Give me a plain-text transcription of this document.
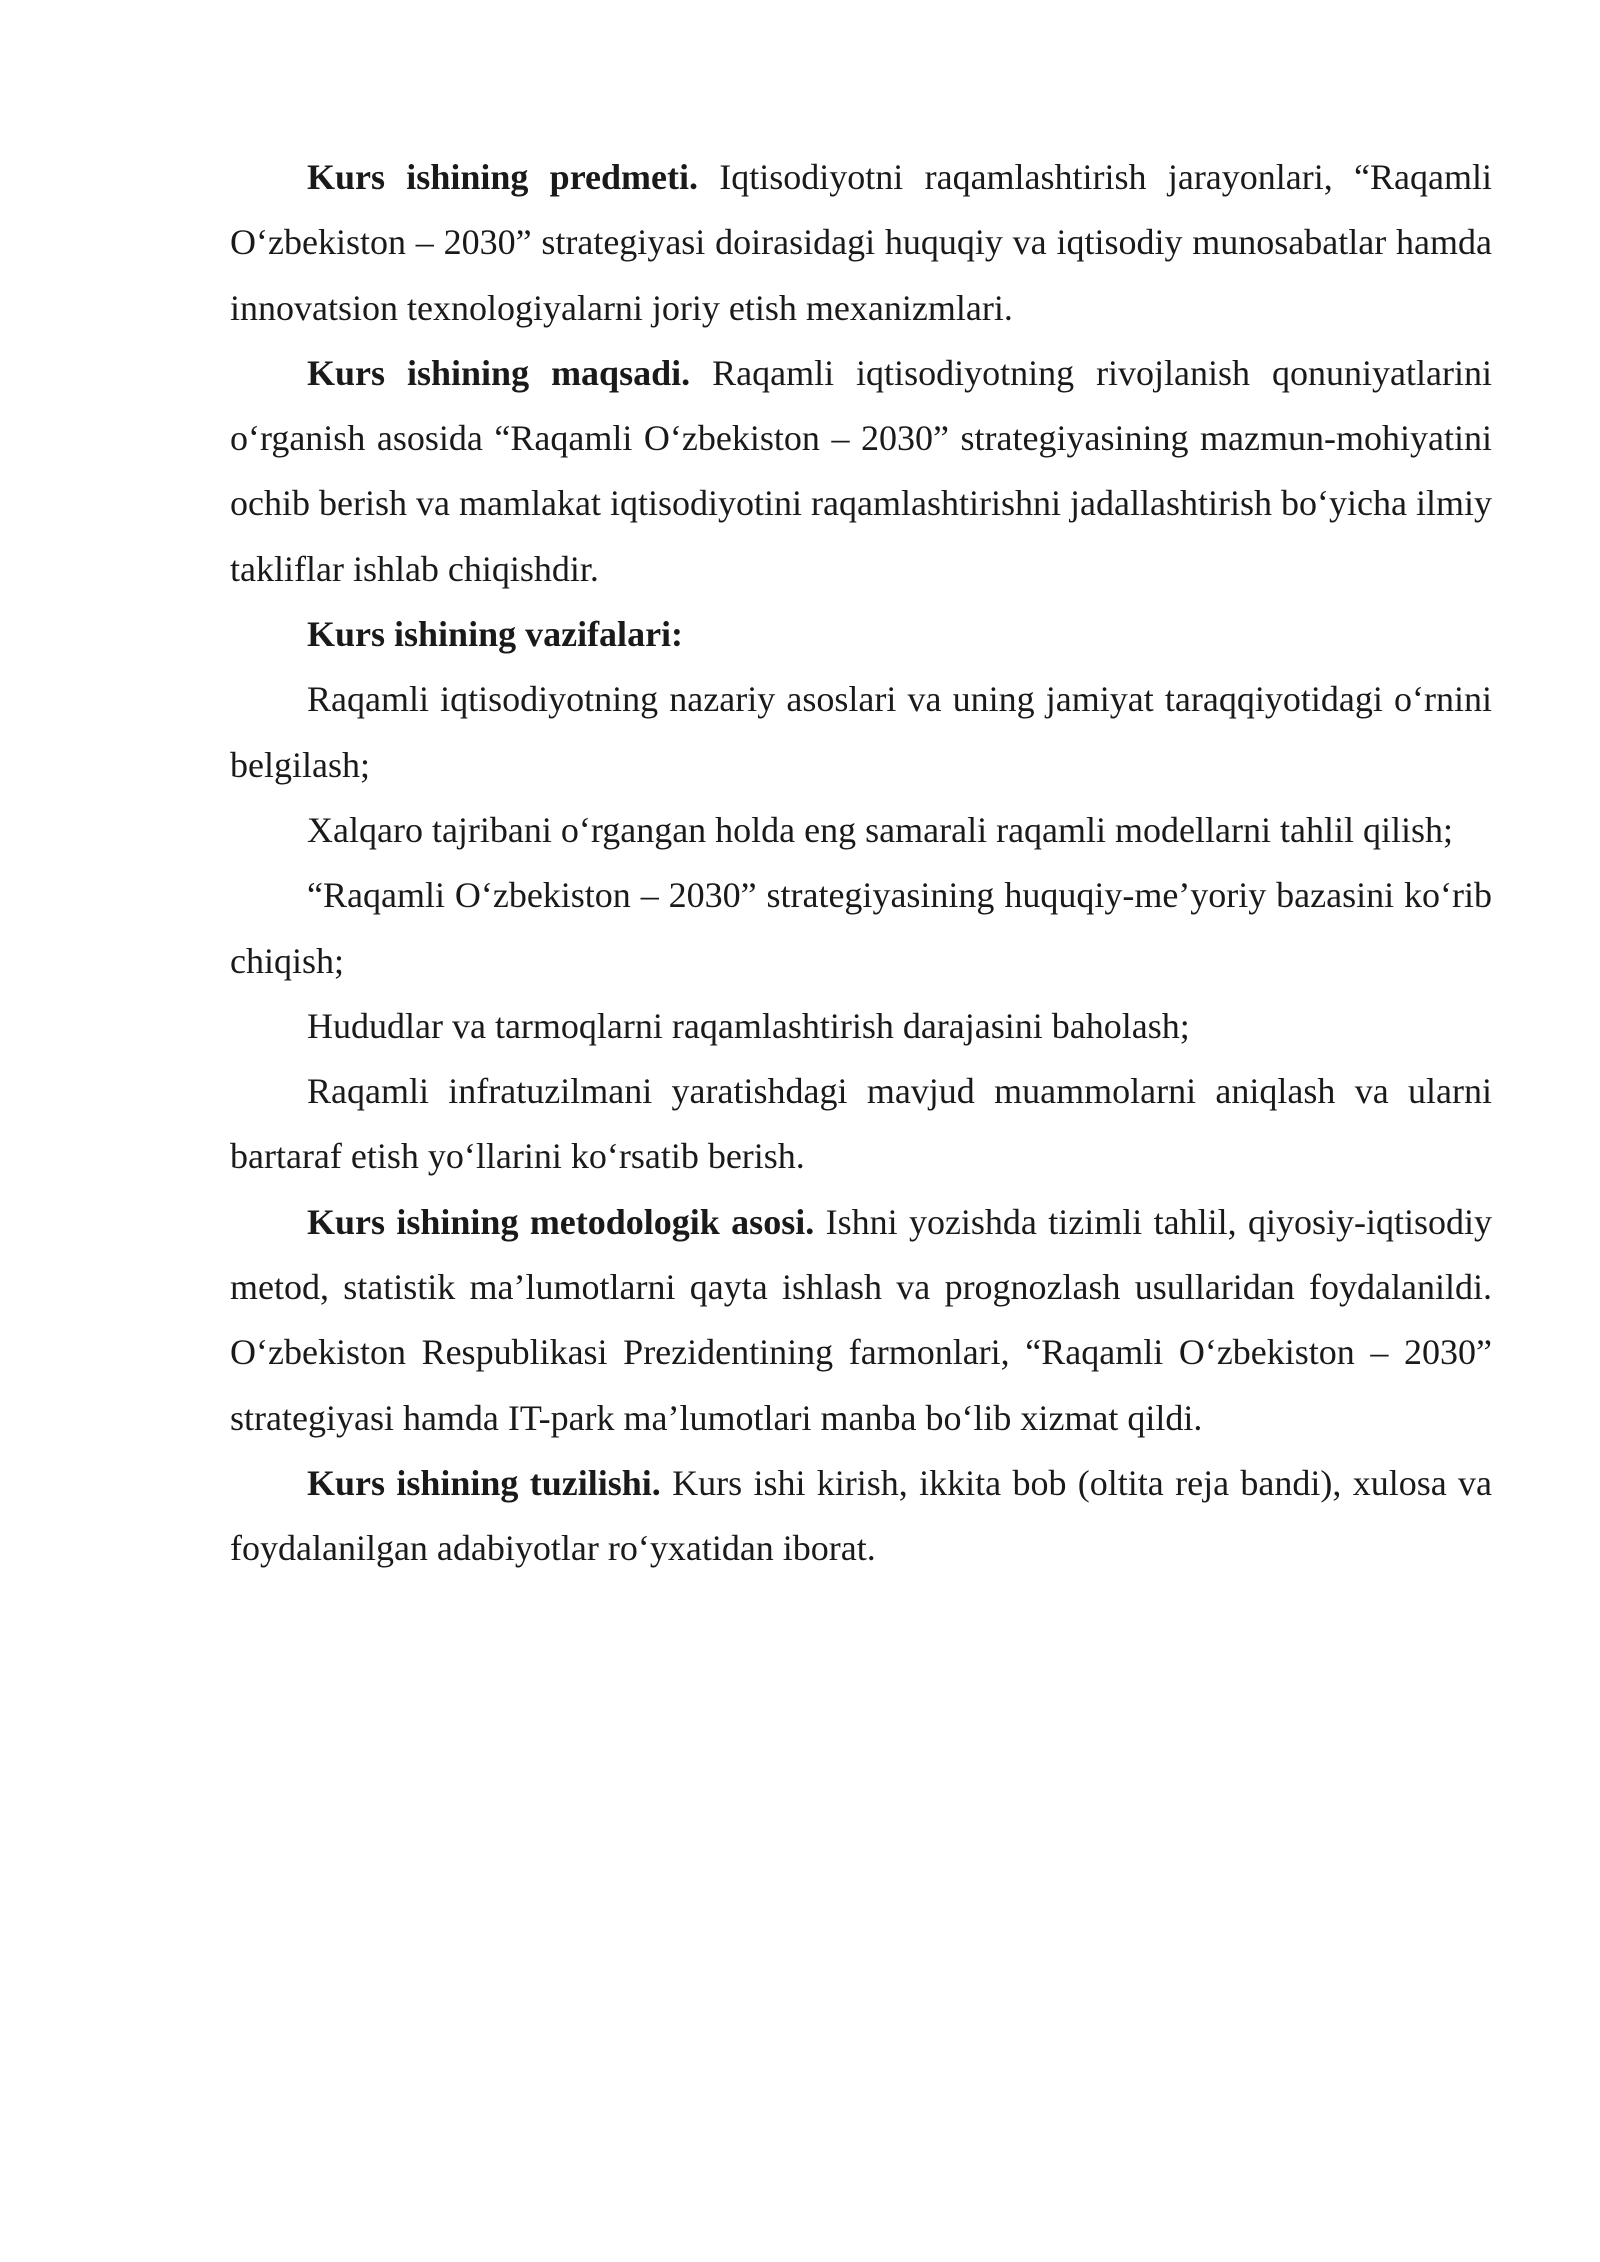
Kurs ishining predmeti. Iqtisodiyotni raqamlashtirish jarayonlari, “Raqamli O‘zbekiston – 2030” strategiyasi doirasidagi huquqiy va iqtisodiy munosabatlar hamda innovatsion texnologiyalarni joriy etish mexanizmlari.

Kurs ishining maqsadi. Raqamli iqtisodiyotning rivojlanish qonuniyatlarini o‘rganish asosida “Raqamli O‘zbekiston – 2030” strategiyasining mazmun-mohiyatini ochib berish va mamlakat iqtisodiyotini raqamlashtirishni jadallashtirish bo‘yicha ilmiy takliflar ishlab chiqishdir.

Kurs ishining vazifalari:

Raqamli iqtisodiyotning nazariy asoslari va uning jamiyat taraqqiyotidagi o‘rnini belgilash;

Xalqaro tajribani o‘rgangan holda eng samarali raqamli modellarni tahlil qilish;

“Raqamli O‘zbekiston – 2030” strategiyasining huquqiy-me’yoriy bazasini ko‘rib chiqish;

Hududlar va tarmoqlarni raqamlashtirish darajasini baholash;

Raqamli infratuzilmani yaratishdagi mavjud muammolarni aniqlash va ularni bartaraf etish yo‘llarini ko‘rsatib berish.

Kurs ishining metodologik asosi. Ishni yozishda tizimli tahlil, qiyosiy-iqtisodiy metod, statistik ma’lumotlarni qayta ishlash va prognozlash usullaridan foydalanildi. O‘zbekiston Respublikasi Prezidentining farmonlari, “Raqamli O‘zbekiston – 2030” strategiyasi hamda IT-park ma’lumotlari manba bo‘lib xizmat qildi.

Kurs ishining tuzilishi. Kurs ishi kirish, ikkita bob (oltita reja bandi), xulosa va foydalanilgan adabiyotlar ro‘yxatidan iborat.
